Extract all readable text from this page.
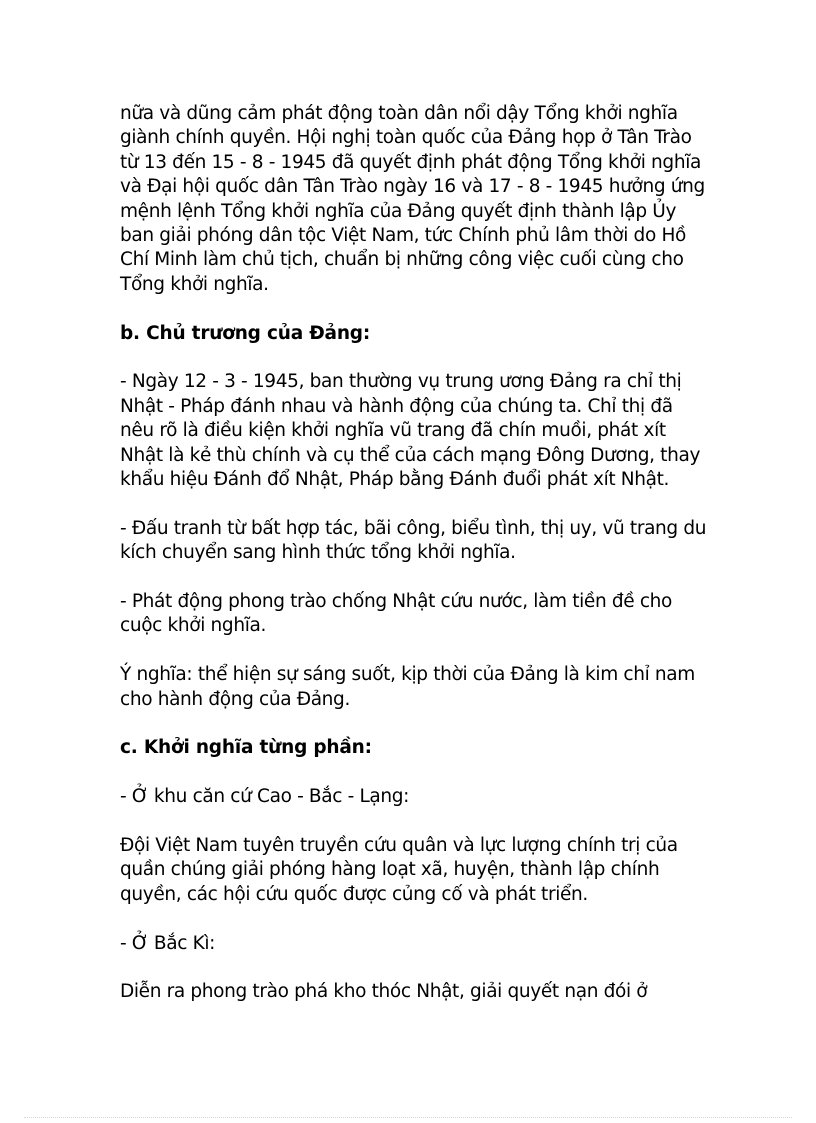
nữa và dũng cảm phát động toàn dân nổi dậy Tổng khởi nghĩa giành chính quyền. Hội nghị toàn quốc của Đảng họp ở Tân Trào từ 13 đến 15 - 8 - 1945 đã quyết định phát động Tổng khởi nghĩa và Đại hội quốc dân Tân Trào ngày 16 và 17 - 8 - 1945 hưởng ứng mệnh lệnh Tổng khởi nghĩa của Đảng quyết định thành lập Ủy ban giải phóng dân tộc Việt Nam, tức Chính phủ lâm thời do Hồ Chí Minh làm chủ tịch, chuẩn bị những công việc cuối cùng cho Tổng khởi nghĩa.

b. Chủ trương của Đảng:

- Ngày 12 - 3 - 1945, ban thường vụ trung ương Đảng ra chỉ thị Nhật - Pháp đánh nhau và hành động của chúng ta. Chỉ thị đã nêu rõ là điều kiện khởi nghĩa vũ trang đã chín muồi, phát xít Nhật là kẻ thù chính và cụ thể của cách mạng Đông Dương, thay khẩu hiệu Đánh đổ Nhật, Pháp bằng Đánh đuổi phát xít Nhật.

- Đấu tranh từ bất hợp tác, bãi công, biểu tình, thị uy, vũ trang du kích chuyển sang hình thức tổng khởi nghĩa.

- Phát động phong trào chống Nhật cứu nước, làm tiền đề cho cuộc khởi nghĩa.

Ý nghĩa: thể hiện sự sáng suốt, kịp thời của Đảng là kim chỉ nam cho hành động của Đảng.

c. Khởi nghĩa từng phần:

- Ở khu căn cứ Cao - Bắc - Lạng:

Đội Việt Nam tuyên truyền cứu quân và lực lượng chính trị của quần chúng giải phóng hàng loạt xã, huyện, thành lập chính quyền, các hội cứu quốc được củng cố và phát triển.

- Ở Bắc Kì:

Diễn ra phong trào phá kho thóc Nhật, giải quyết nạn đói ở
